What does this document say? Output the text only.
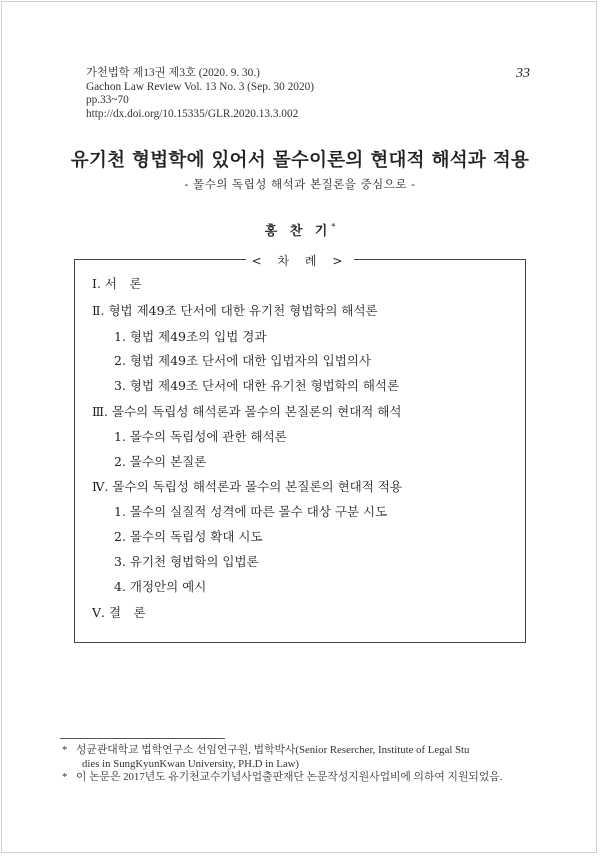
가천법학 제13권 제3호 (2020. 9. 30.)
Gachon Law Review Vol. 13 No. 3 (Sep. 30 2020)
pp.33~70
http://dx.doi.org/10.15335/GLR.2020.13.3.002
33
유기천 형법학에 있어서 몰수이론의 현대적 해석과 적용
- 몰수의 독립성 해석과 본질론을 중심으로 -
홍 찬 기*
< 차 례 >
Ⅰ. 서　론
Ⅱ. 형법 제49조 단서에 대한 유기천 형법학의 해석론
1. 형법 제49조의 입법 경과
2. 형법 제49조 단서에 대한 입법자의 입법의사
3. 형법 제49조 단서에 대한 유기천 형법학의 해석론
Ⅲ. 몰수의 독립성 해석론과 몰수의 본질론의 현대적 해석
1. 몰수의 독립성에 관한 해석론
2. 몰수의 본질론
Ⅳ. 몰수의 독립성 해석론과 몰수의 본질론의 현대적 적용
1. 몰수의 실질적 성격에 따른 몰수 대상 구분 시도
2. 몰수의 독립성 확대 시도
3. 유기천 형법학의 입법론
4. 개정안의 예시
Ⅴ. 결　론
* 성균관대학교 법학연구소 선임연구원, 법학박사(Senior Resercher, Institute of Legal Stu
dies in SungKyunKwan University, PH.D in Law)
* 이 논문은 2017년도 유기천교수기념사업출판재단 논문작성지원사업비에 의하여 지원되었음.
